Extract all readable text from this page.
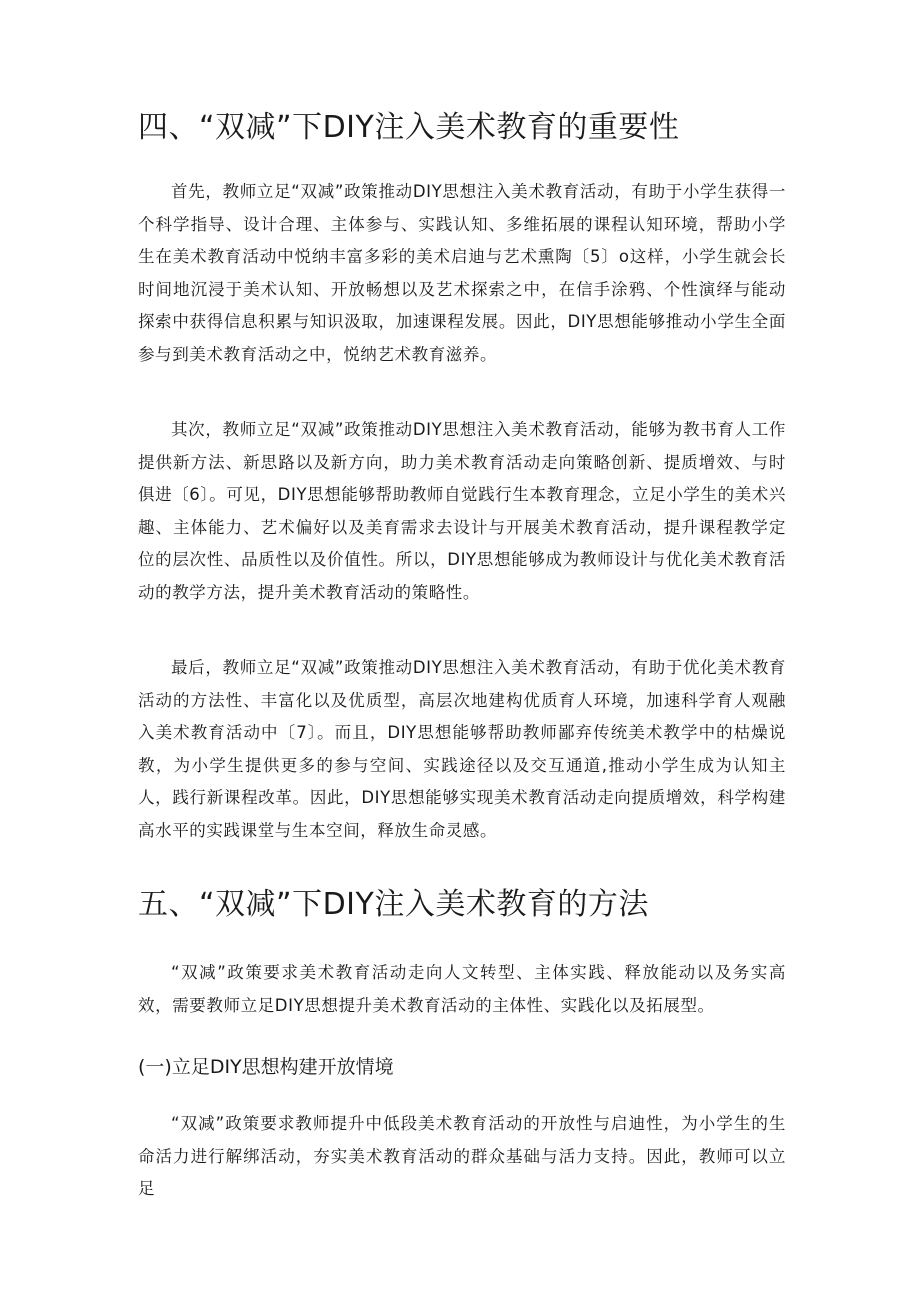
四、“双减”下DIY注入美术教育的重要性

首先，教师立足“双减”政策推动DIY思想注入美术教育活动，有助于小学生获得一个科学指导、设计合理、主体参与、实践认知、多维拓展的课程认知环境，帮助小学生在美术教育活动中悦纳丰富多彩的美术启迪与艺术熏陶〔5〕o这样，小学生就会长时间地沉浸于美术认知、开放畅想以及艺术探索之中，在信手涂鸦、个性演绎与能动探索中获得信息积累与知识汲取，加速课程发展。因此，DIY思想能够推动小学生全面参与到美术教育活动之中，悦纳艺术教育滋养。

其次，教师立足“双减”政策推动DIY思想注入美术教育活动，能够为教书育人工作提供新方法、新思路以及新方向，助力美术教育活动走向策略创新、提质增效、与时俱进〔6〕。可见，DIY思想能够帮助教师自觉践行生本教育理念，立足小学生的美术兴趣、主体能力、艺术偏好以及美育需求去设计与开展美术教育活动，提升课程教学定位的层次性、品质性以及价值性。所以，DIY思想能够成为教师设计与优化美术教育活动的教学方法，提升美术教育活动的策略性。

最后，教师立足“双减”政策推动DIY思想注入美术教育活动，有助于优化美术教育活动的方法性、丰富化以及优质型，高层次地建构优质育人环境，加速科学育人观融入美术教育活动中〔7〕。而且，DIY思想能够帮助教师鄙弃传统美术教学中的枯燥说教，为小学生提供更多的参与空间、实践途径以及交互通道,推动小学生成为认知主人，践行新课程改革。因此，DIY思想能够实现美术教育活动走向提质增效，科学构建高水平的实践课堂与生本空间，释放生命灵感。

五、“双减”下DIY注入美术教育的方法

“双减”政策要求美术教育活动走向人文转型、主体实践、释放能动以及务实高效，需要教师立足DIY思想提升美术教育活动的主体性、实践化以及拓展型。

(一)立足DIY思想构建开放情境

“双减”政策要求教师提升中低段美术教育活动的开放性与启迪性，为小学生的生命活力进行解绑活动，夯实美术教育活动的群众基础与活力支持。因此，教师可以立足
